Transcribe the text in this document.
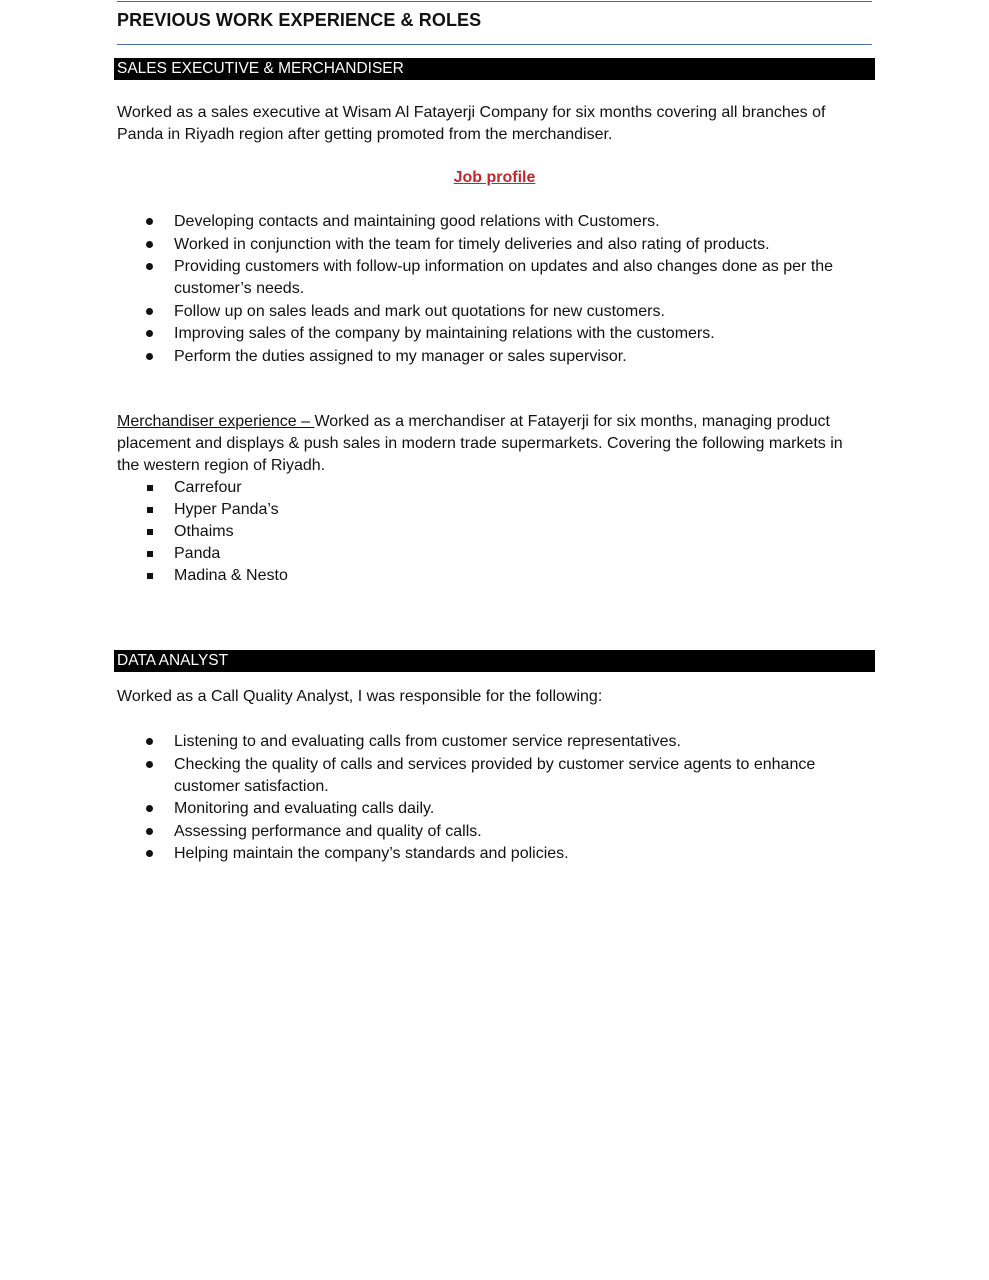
PREVIOUS WORK EXPERIENCE & ROLES
SALES EXECUTIVE & MERCHANDISER

Worked as a sales executive at Wisam Al Fatayerji Company for six months covering all branches of Panda in Riyadh region after getting promoted from the merchandiser.

Job profile
Developing contacts and maintaining good relations with Customers.
Worked in conjunction with the team for timely deliveries and also rating of products.
Providing customers with follow-up information on updates and also changes done as per the customer’s needs.
Follow up on sales leads and mark out quotations for new customers.
Improving sales of the company by maintaining relations with the customers.
Perform the duties assigned to my manager or sales supervisor.

Merchandiser experience – Worked as a merchandiser at Fatayerji for six months, managing product placement and displays & push sales in modern trade supermarkets. Covering the following markets in the western region of Riyadh.

Carrefour
Hyper Panda’s
Othaims
Panda
Madina & Nesto
DATA ANALYST

Worked as a Call Quality Analyst, I was responsible for the following:

Listening to and evaluating calls from customer service representatives.
Checking the quality of calls and services provided by customer service agents to enhance customer satisfaction.
Monitoring and evaluating calls daily.
Assessing performance and quality of calls.
Helping maintain the company’s standards and policies.
